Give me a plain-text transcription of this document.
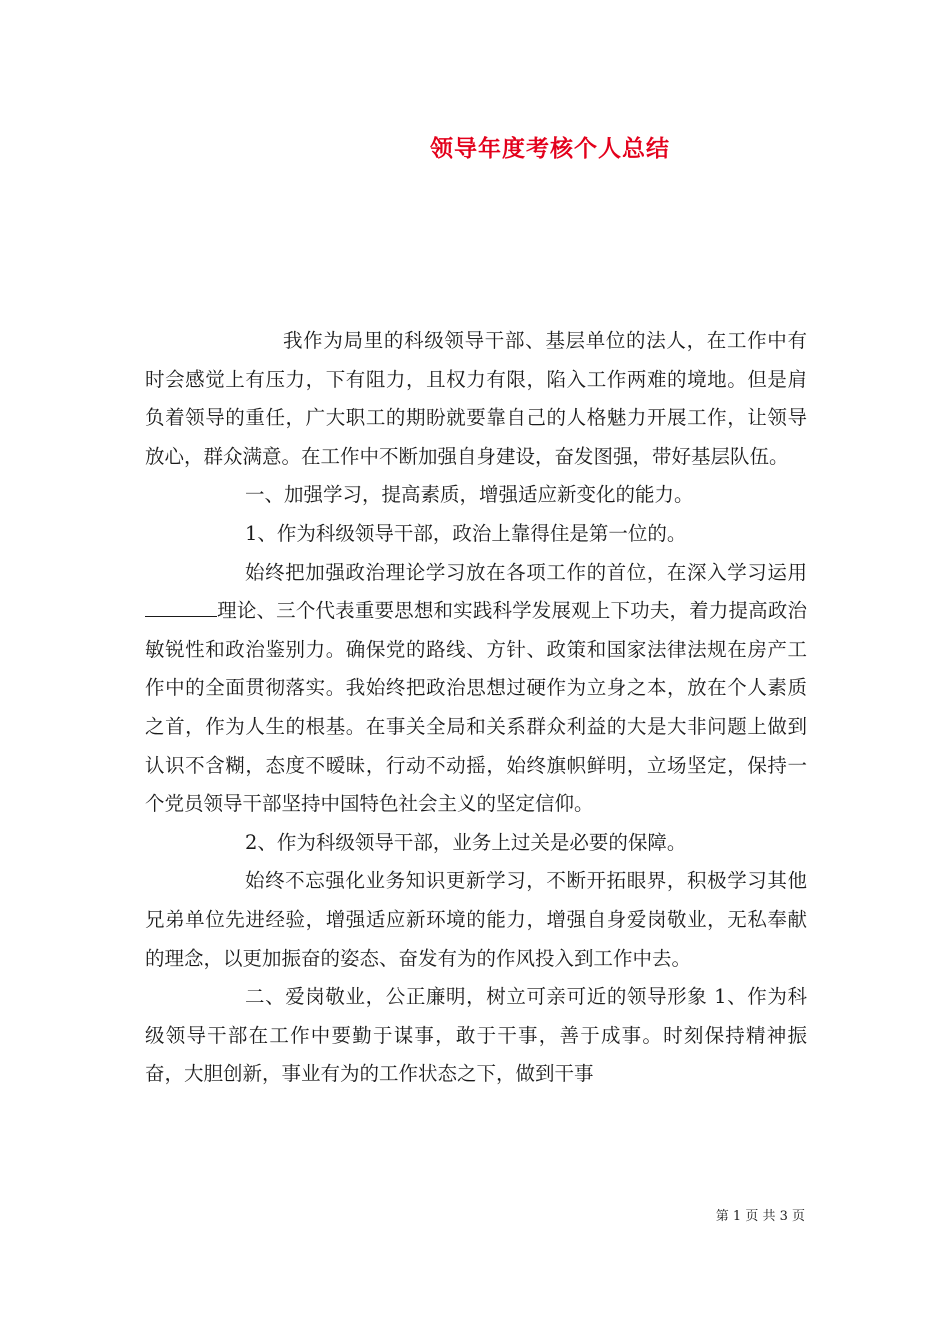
领导年度考核个人总结

我作为局里的科级领导干部、基层单位的法人，在工作中有时会感觉上有压力，下有阻力，且权力有限，陷入工作两难的境地。但是肩负着领导的重任，广大职工的期盼就要靠自己的人格魅力开展工作，让领导放心，群众满意。在工作中不断加强自身建设，奋发图强，带好基层队伍。

一、加强学习，提高素质，增强适应新变化的能力。

1、作为科级领导干部，政治上靠得住是第一位的。

始终把加强政治理论学习放在各项工作的首位，在深入学习运用理论、三个代表重要思想和实践科学发展观上下功夫，着力提高政治敏锐性和政治鉴别力。确保党的路线、方针、政策和国家法律法规在房产工作中的全面贯彻落实。我始终把政治思想过硬作为立身之本，放在个人素质之首，作为人生的根基。在事关全局和关系群众利益的大是大非问题上做到认识不含糊，态度不暧昧，行动不动摇，始终旗帜鲜明，立场坚定，保持一个党员领导干部坚持中国特色社会主义的坚定信仰。

2、作为科级领导干部，业务上过关是必要的保障。

始终不忘强化业务知识更新学习，不断开拓眼界，积极学习其他兄弟单位先进经验，增强适应新环境的能力，增强自身爱岗敬业，无私奉献的理念，以更加振奋的姿态、奋发有为的作风投入到工作中去。

二、爱岗敬业，公正廉明，树立可亲可近的领导形象 1、作为科级领导干部在工作中要勤于谋事，敢于干事，善于成事。时刻保持精神振奋，大胆创新，事业有为的工作状态之下，做到干事

第 1 页 共 3 页
